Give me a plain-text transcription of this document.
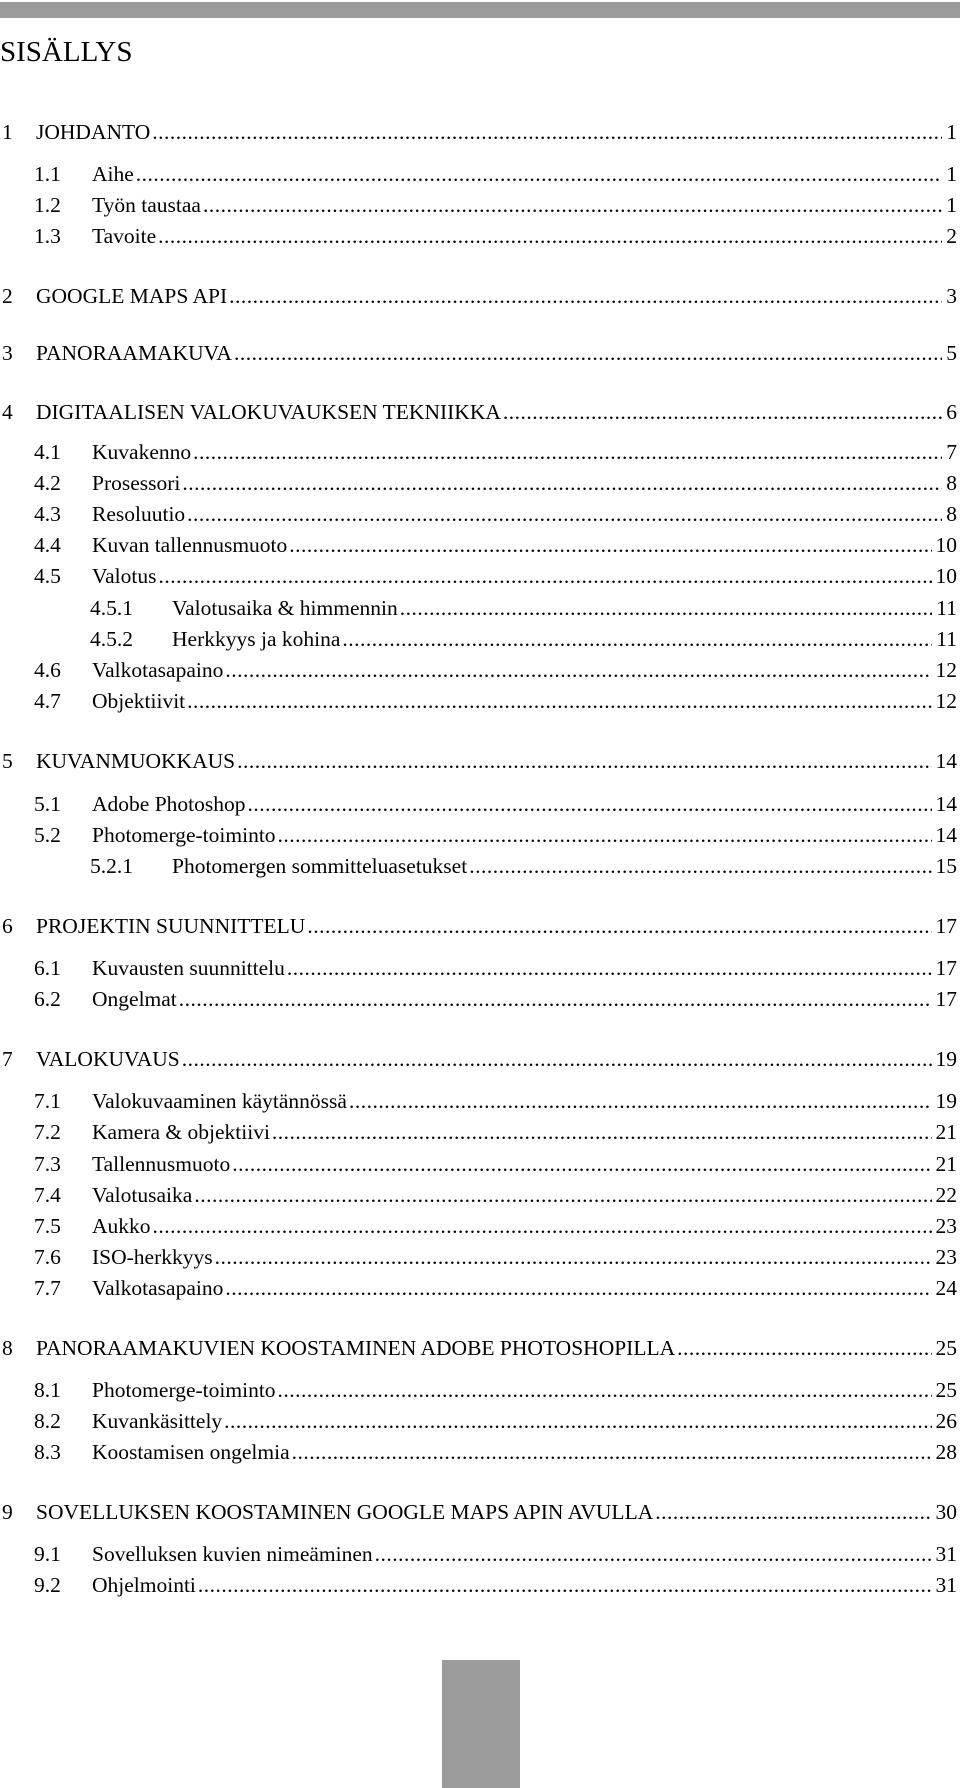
SISÄLLYS
1	JOHDANTO .....	1
1.1	Aihe .....	1
1.2	Työn taustaa .....	1
1.3	Tavoite .....	2
2	GOOGLE MAPS API .....	3
3	PANORAAMAKUVA .....	5
4	DIGITAALISEN VALOKUVAUKSEN TEKNIIKKA .....	6
4.1	Kuvakenno .....	7
4.2	Prosessori .....	8
4.3	Resoluutio .....	8
4.4	Kuvan tallennusmuoto .....	10
4.5	Valotus .....	10
4.5.1	Valotusaika & himmennin .....	11
4.5.2	Herkkyys ja kohina .....	11
4.6	Valkotasapaino .....	12
4.7	Objektiivit .....	12
5	KUVANMUOKKAUS .....	14
5.1	Adobe Photoshop .....	14
5.2	Photomerge-toiminto .....	14
5.2.1	Photomergen sommitteluasetukset .....	15
6	PROJEKTIN SUUNNITTELU .....	17
6.1	Kuvausten suunnittelu .....	17
6.2	Ongelmat .....	17
7	VALOKUVAUS .....	19
7.1	Valokuvaaminen käytännössä .....	19
7.2	Kamera & objektiivi .....	21
7.3	Tallennusmuoto .....	21
7.4	Valotusaika .....	22
7.5	Aukko .....	23
7.6	ISO-herkkyys .....	23
7.7	Valkotasapaino .....	24
8	PANORAAMAKUVIEN KOOSTAMINEN ADOBE PHOTOSHOPILLA .....	25
8.1	Photomerge-toiminto .....	25
8.2	Kuvankäsittely .....	26
8.3	Koostamisen ongelmia .....	28
9	SOVELLUKSEN KOOSTAMINEN GOOGLE MAPS APIN AVULLA .....	30
9.1	Sovelluksen kuvien nimeäminen .....	31
9.2	Ohjelmointi .....	31
